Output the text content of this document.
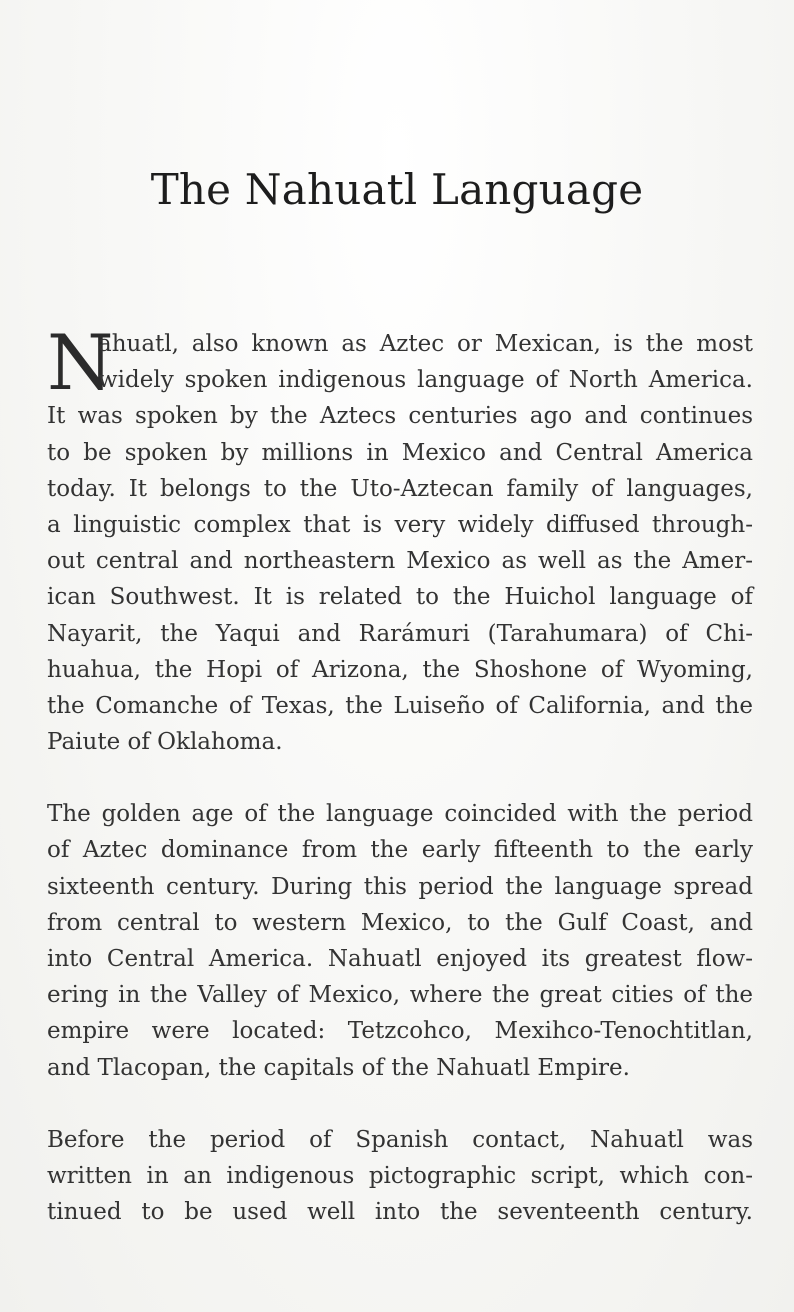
The Nahuatl Language
N
ahuatl, also known as Aztec or Mexican, is the most
widely spoken indigenous language of North America.
It was spoken by the Aztecs centuries ago and continues
to be spoken by millions in Mexico and Central America
today. It belongs to the Uto-Aztecan family of languages,
a linguistic complex that is very widely diffused through-
out central and northeastern Mexico as well as the Amer-
ican Southwest. It is related to the Huichol language of
Nayarit, the Yaqui and Rarámuri (Tarahumara) of Chi-
huahua, the Hopi of Arizona, the Shoshone of Wyoming,
the Comanche of Texas, the Luiseño of California, and the
Paiute of Oklahoma.
The golden age of the language coincided with the period
of Aztec dominance from the early fifteenth to the early
sixteenth century. During this period the language spread
from central to western Mexico, to the Gulf Coast, and
into Central America. Nahuatl enjoyed its greatest flow-
ering in the Valley of Mexico, where the great cities of the
empire were located: Tetzcohco, Mexihco-Tenochtitlan,
and Tlacopan, the capitals of the Nahuatl Empire.
Before the period of Spanish contact, Nahuatl was
written in an indigenous pictographic script, which con-
tinued to be used well into the seventeenth century.
